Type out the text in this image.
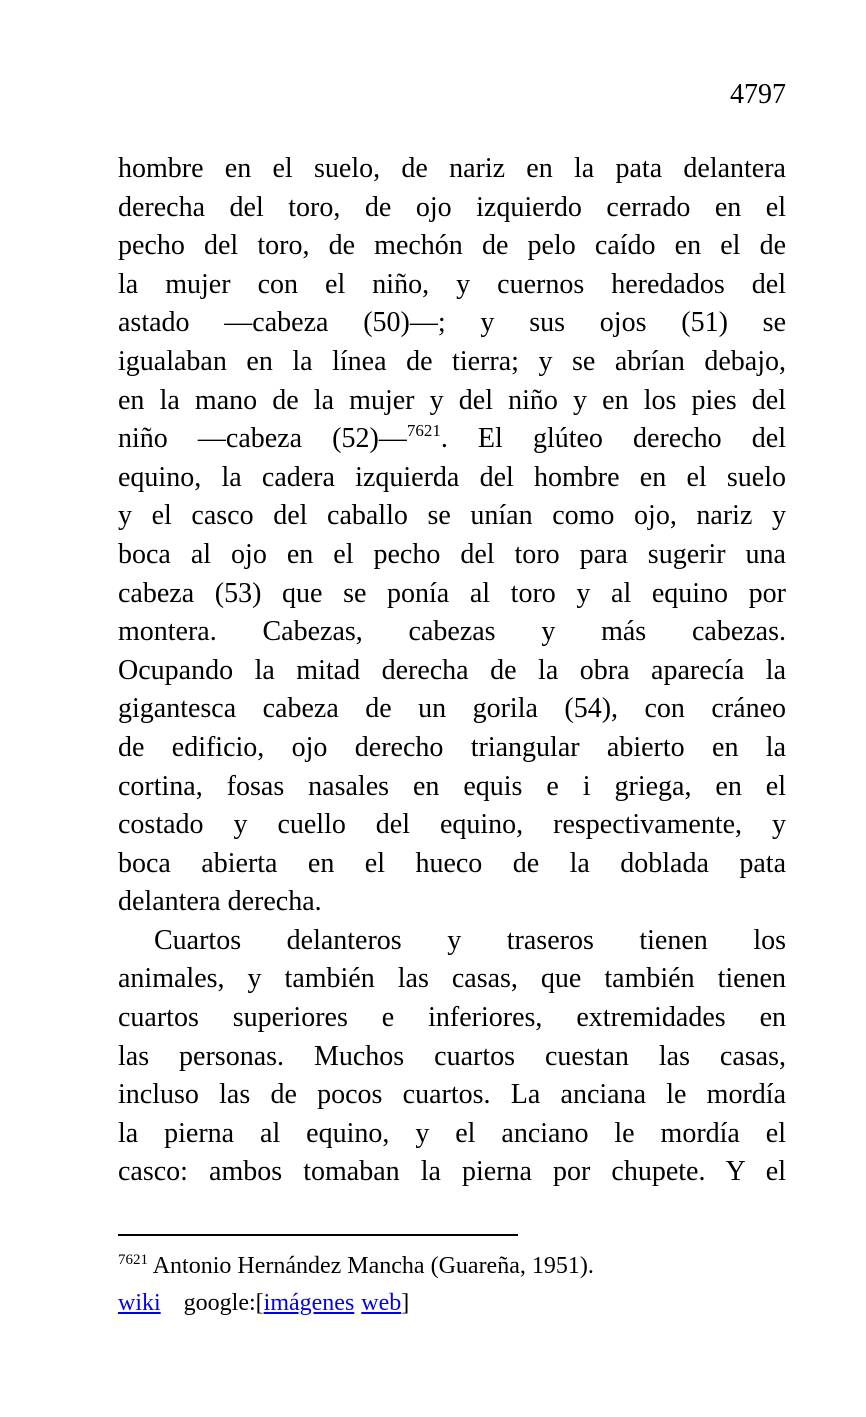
4797
hombre en el suelo, de nariz en la pata delantera
derecha del toro, de ojo izquierdo cerrado en el
pecho del toro, de mechón de pelo caído en el de
la mujer con el niño, y cuernos heredados del
astado —cabeza (50)—; y sus ojos (51) se
igualaban en la línea de tierra; y se abrían debajo,
en la mano de la mujer y del niño y en los pies del
niño —cabeza (52)—$^{7621}$. El glúteo derecho del
equino, la cadera izquierda del hombre en el suelo
y el casco del caballo se unían como ojo, nariz y
boca al ojo en el pecho del toro para sugerir una
cabeza (53) que se ponía al toro y al equino por
montera. Cabezas, cabezas y más cabezas.
Ocupando la mitad derecha de la obra aparecía la
gigantesca cabeza de un gorila (54), con cráneo
de edificio, ojo derecho triangular abierto en la
cortina, fosas nasales en equis e i griega, en el
costado y cuello del equino, respectivamente, y
boca abierta en el hueco de la doblada pata
delantera derecha.
Cuartos delanteros y traseros tienen los
animales, y también las casas, que también tienen
cuartos superiores e inferiores, extremidades en
las personas. Muchos cuartos cuestan las casas,
incluso las de pocos cuartos. La anciana le mordía
la pierna al equino, y el anciano le mordía el
casco: ambos tomaban la pierna por chupete. Y el
$^{7621}$ Antonio Hernández Mancha (Guareña, 1951).
wiki google:[imágenes web]
